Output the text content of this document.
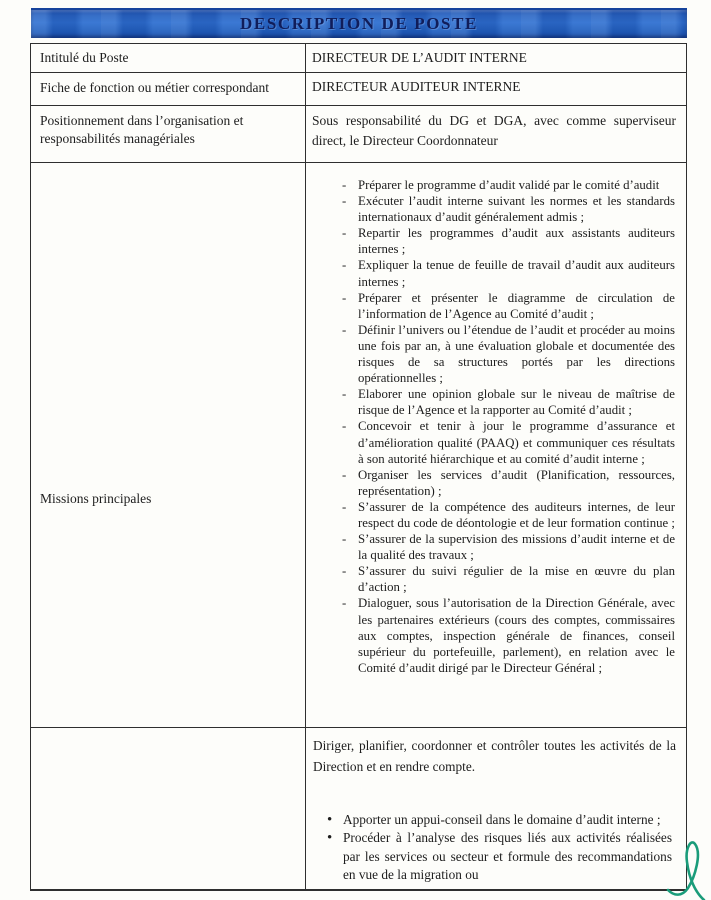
DESCRIPTION DE POSTE
Intitulé du Poste	DIRECTEUR DE L’AUDIT INTERNE
Fiche de fonction ou métier correspondant	DIRECTEUR AUDITEUR INTERNE
Positionnement dans l’organisation et responsabilités managériales
Sous responsabilité du DG et DGA, avec comme superviseur direct, le Directeur Coordonnateur
Missions principales
- Préparer le programme d’audit validé par le comité d’audit
- Exécuter l’audit interne suivant les normes et les standards internationaux d’audit généralement admis ;
- Repartir les programmes d’audit aux assistants auditeurs internes ;
- Expliquer la tenue de feuille de travail d’audit aux auditeurs internes ;
- Préparer et présenter le diagramme de circulation de l’information de l’Agence au Comité d’audit ;
- Définir l’univers ou l’étendue de l’audit et procéder au moins une fois par an, à une évaluation globale et documentée des risques de sa structures portés par les directions opérationnelles ;
- Elaborer une opinion globale sur le niveau de maîtrise de risque de l’Agence et la rapporter au Comité d’audit ;
- Concevoir et tenir à jour le programme d’assurance et d’amélioration qualité (PAAQ) et communiquer ces résultats à son autorité hiérarchique et au comité d’audit interne ;
- Organiser les services d’audit (Planification, ressources, représentation) ;
- S’assurer de la compétence des auditeurs internes, de leur respect du code de déontologie et de leur formation continue ;
- S’assurer de la supervision des missions d’audit interne et de la qualité des travaux ;
- S’assurer du suivi régulier de la mise en œuvre du plan d’action ;
- Dialoguer, sous l’autorisation de la Direction Générale, avec les partenaires extérieurs (cours des comptes, commissaires aux comptes, inspection générale de finances, conseil supérieur du portefeuille, parlement), en relation avec le Comité d’audit dirigé par le Directeur Général ;

Diriger, planifier, coordonner et contrôler toutes les activités de la Direction et en rendre compte.

• Apporter un appui-conseil dans le domaine d’audit interne ;
• Procéder à l’analyse des risques liés aux activités réalisées par les services ou secteur et formule des recommandations en vue de la migration ou
